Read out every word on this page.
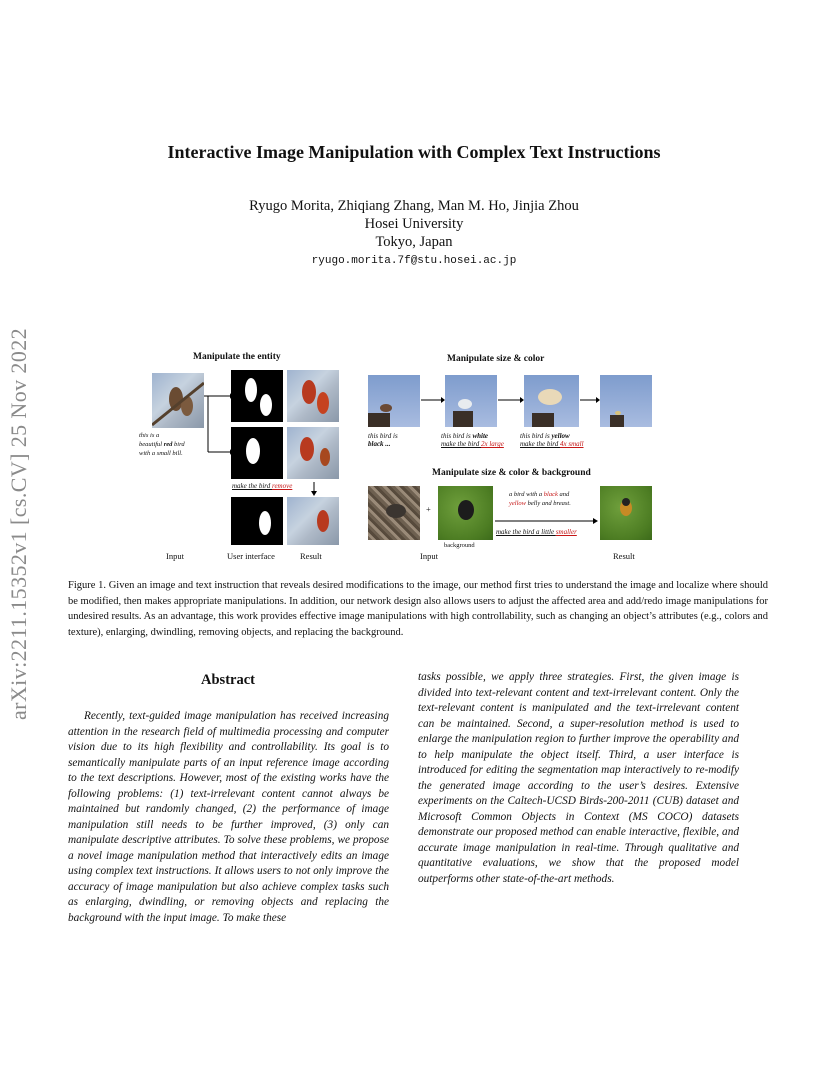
arXiv:2211.15352v1 [cs.CV] 25 Nov 2022
Interactive Image Manipulation with Complex Text Instructions
Ryugo Morita, Zhiqiang Zhang, Man M. Ho, Jinjia Zhou
Hosei University
Tokyo, Japan
ryugo.morita.7f@stu.hosei.ac.jp
Manipulate the entity
this is a
beautiful red bird
with a small bill.
make the bird remove
Input	User interface	Result
Manipulate size & color
this bird is
black ...
this bird is white
make the bird 2x large
this bird is yellow
make the bird 4x small
Manipulate size & color & background
+
background
a bird with a black and
yellow belly and breast.
make the bird a little smaller
Input	Result
Figure 1. Given an image and text instruction that reveals desired modifications to the image, our method first tries to understand the image and localize where should be modified, then makes appropriate manipulations. In addition, our network design also allows users to adjust the affected area and add/redo image manipulations for undesired results. As an advantage, this work provides effective image manipulations with high controllability, such as changing an object’s attributes (e.g., colors and texture), enlarging, dwindling, removing objects, and replacing the background.
Abstract

Recently, text-guided image manipulation has received increasing attention in the research field of multimedia processing and computer vision due to its high flexibility and controllability. Its goal is to semantically manipulate parts of an input reference image according to the text descriptions. However, most of the existing works have the following problems: (1) text-irrelevant content cannot always be maintained but randomly changed, (2) the performance of image manipulation still needs to be further improved, (3) only can manipulate descriptive attributes. To solve these problems, we propose a novel image manipulation method that interactively edits an image using complex text instructions. It allows users to not only improve the accuracy of image manipulation but also achieve complex tasks such as enlarging, dwindling, or removing objects and replacing the background with the input image. To make these

tasks possible, we apply three strategies. First, the given image is divided into text-relevant content and text-irrelevant content. Only the text-relevant content is manipulated and the text-irrelevant content can be maintained. Second, a super-resolution method is used to enlarge the manipulation region to further improve the operability and to help manipulate the object itself. Third, a user interface is introduced for editing the segmentation map interactively to re-modify the generated image according to the user’s desires. Extensive experiments on the Caltech-UCSD Birds-200-2011 (CUB) dataset and Microsoft Common Objects in Context (MS COCO) datasets demonstrate our proposed method can enable interactive, flexible, and accurate image manipulation in real-time. Through qualitative and quantitative evaluations, we show that the proposed model outperforms other state-of-the-art methods.
